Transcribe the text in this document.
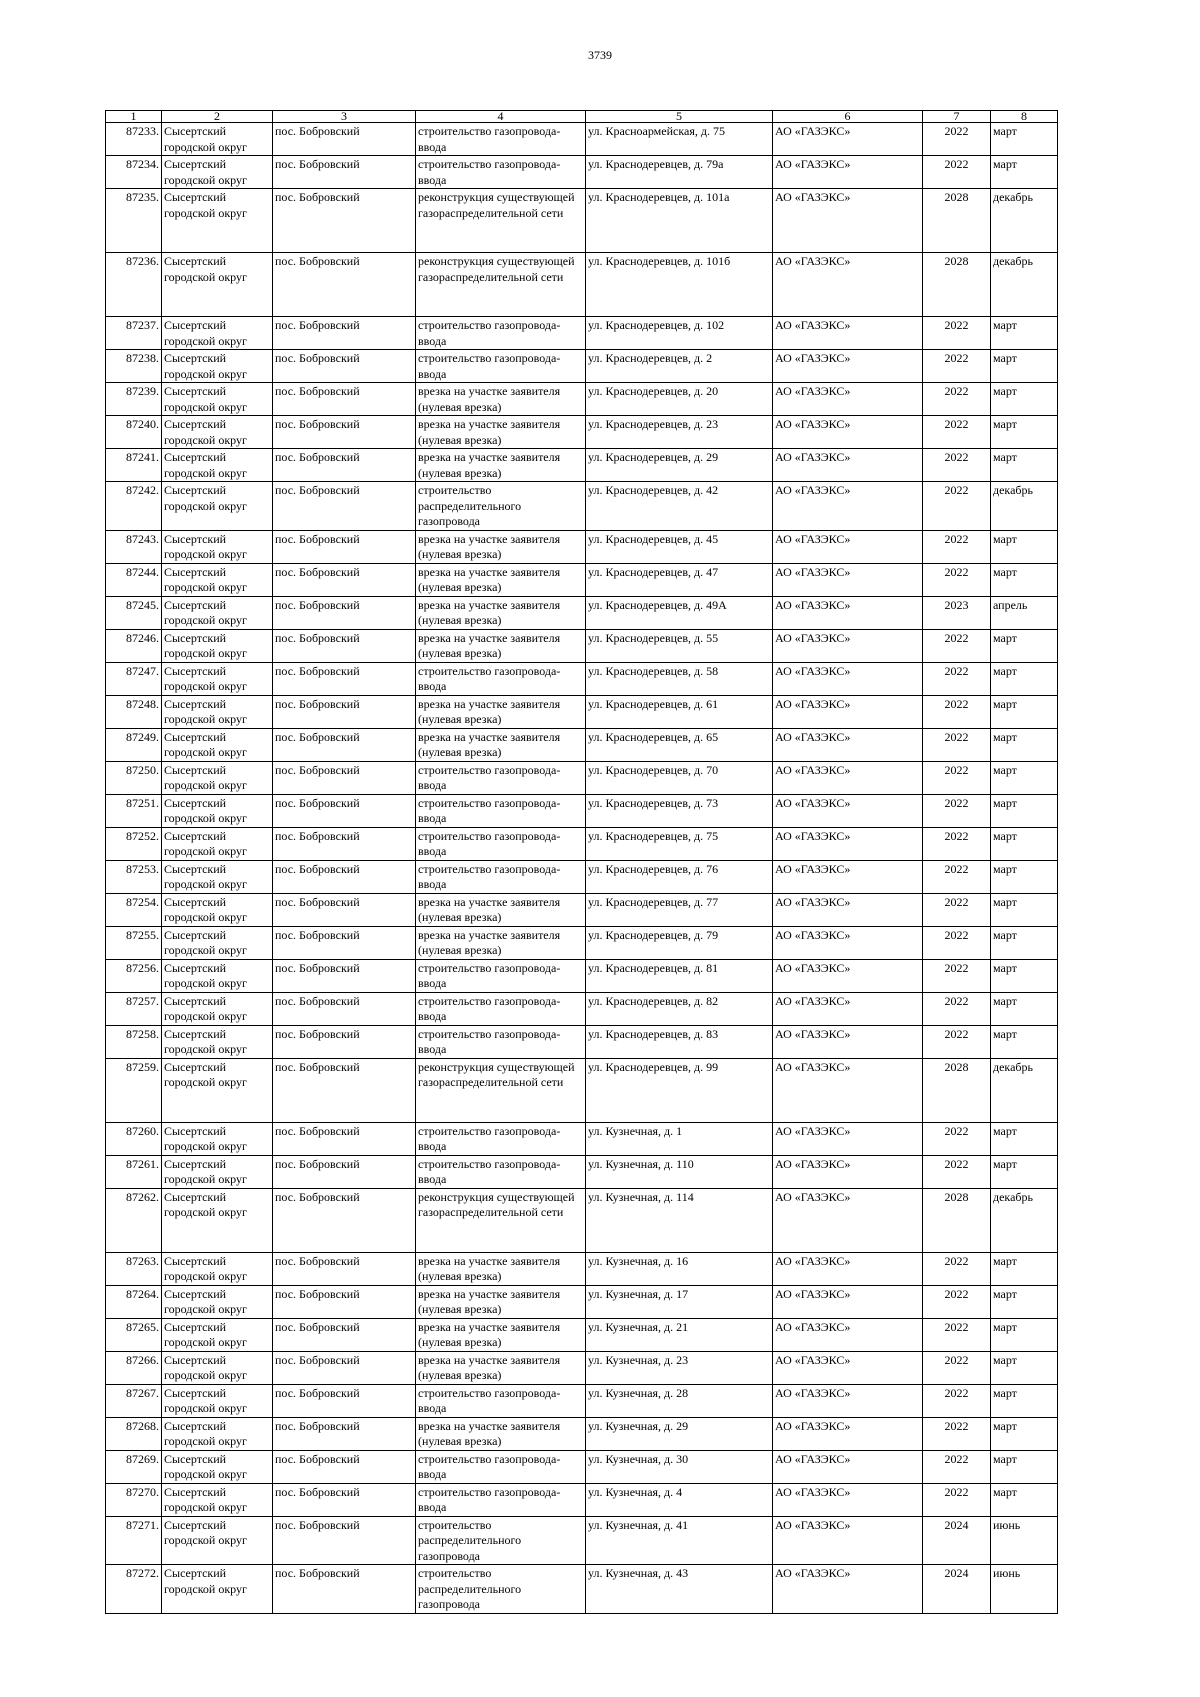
3739
1	2	3	4	5	6	7	8
87233.	Сысертский городской округ	пос. Бобровский	строительство газопровода-ввода	ул. Красноармейская, д. 75	АО «ГАЗЭКС»	2022	март
87234.	Сысертский городской округ	пос. Бобровский	строительство газопровода-ввода	ул. Краснодеревцев, д. 79а	АО «ГАЗЭКС»	2022	март
87235.	Сысертский городской округ	пос. Бобровский	реконструкция существующей газораспределительной сети	ул. Краснодеревцев, д. 101а	АО «ГАЗЭКС»	2028	декабрь
87236.	Сысертский городской округ	пос. Бобровский	реконструкция существующей газораспределительной сети	ул. Краснодеревцев, д. 101б	АО «ГАЗЭКС»	2028	декабрь
87237.	Сысертский городской округ	пос. Бобровский	строительство газопровода-ввода	ул. Краснодеревцев, д. 102	АО «ГАЗЭКС»	2022	март
87238.	Сысертский городской округ	пос. Бобровский	строительство газопровода-ввода	ул. Краснодеревцев, д. 2	АО «ГАЗЭКС»	2022	март
87239.	Сысертский городской округ	пос. Бобровский	врезка на участке заявителя (нулевая врезка)	ул. Краснодеревцев, д. 20	АО «ГАЗЭКС»	2022	март
87240.	Сысертский городской округ	пос. Бобровский	врезка на участке заявителя (нулевая врезка)	ул. Краснодеревцев, д. 23	АО «ГАЗЭКС»	2022	март
87241.	Сысертский городской округ	пос. Бобровский	врезка на участке заявителя (нулевая врезка)	ул. Краснодеревцев, д. 29	АО «ГАЗЭКС»	2022	март
87242.	Сысертский городской округ	пос. Бобровский	строительство распределительного газопровода	ул. Краснодеревцев, д. 42	АО «ГАЗЭКС»	2022	декабрь
87243.	Сысертский городской округ	пос. Бобровский	врезка на участке заявителя (нулевая врезка)	ул. Краснодеревцев, д. 45	АО «ГАЗЭКС»	2022	март
87244.	Сысертский городской округ	пос. Бобровский	врезка на участке заявителя (нулевая врезка)	ул. Краснодеревцев, д. 47	АО «ГАЗЭКС»	2022	март
87245.	Сысертский городской округ	пос. Бобровский	врезка на участке заявителя (нулевая врезка)	ул. Краснодеревцев, д. 49А	АО «ГАЗЭКС»	2023	апрель
87246.	Сысертский городской округ	пос. Бобровский	врезка на участке заявителя (нулевая врезка)	ул. Краснодеревцев, д. 55	АО «ГАЗЭКС»	2022	март
87247.	Сысертский городской округ	пос. Бобровский	строительство газопровода-ввода	ул. Краснодеревцев, д. 58	АО «ГАЗЭКС»	2022	март
87248.	Сысертский городской округ	пос. Бобровский	врезка на участке заявителя (нулевая врезка)	ул. Краснодеревцев, д. 61	АО «ГАЗЭКС»	2022	март
87249.	Сысертский городской округ	пос. Бобровский	врезка на участке заявителя (нулевая врезка)	ул. Краснодеревцев, д. 65	АО «ГАЗЭКС»	2022	март
87250.	Сысертский городской округ	пос. Бобровский	строительство газопровода-ввода	ул. Краснодеревцев, д. 70	АО «ГАЗЭКС»	2022	март
87251.	Сысертский городской округ	пос. Бобровский	строительство газопровода-ввода	ул. Краснодеревцев, д. 73	АО «ГАЗЭКС»	2022	март
87252.	Сысертский городской округ	пос. Бобровский	строительство газопровода-ввода	ул. Краснодеревцев, д. 75	АО «ГАЗЭКС»	2022	март
87253.	Сысертский городской округ	пос. Бобровский	строительство газопровода-ввода	ул. Краснодеревцев, д. 76	АО «ГАЗЭКС»	2022	март
87254.	Сысертский городской округ	пос. Бобровский	врезка на участке заявителя (нулевая врезка)	ул. Краснодеревцев, д. 77	АО «ГАЗЭКС»	2022	март
87255.	Сысертский городской округ	пос. Бобровский	врезка на участке заявителя (нулевая врезка)	ул. Краснодеревцев, д. 79	АО «ГАЗЭКС»	2022	март
87256.	Сысертский городской округ	пос. Бобровский	строительство газопровода-ввода	ул. Краснодеревцев, д. 81	АО «ГАЗЭКС»	2022	март
87257.	Сысертский городской округ	пос. Бобровский	строительство газопровода-ввода	ул. Краснодеревцев, д. 82	АО «ГАЗЭКС»	2022	март
87258.	Сысертский городской округ	пос. Бобровский	строительство газопровода-ввода	ул. Краснодеревцев, д. 83	АО «ГАЗЭКС»	2022	март
87259.	Сысертский городской округ	пос. Бобровский	реконструкция существующей газораспределительной сети	ул. Краснодеревцев, д. 99	АО «ГАЗЭКС»	2028	декабрь
87260.	Сысертский городской округ	пос. Бобровский	строительство газопровода-ввода	ул. Кузнечная, д. 1	АО «ГАЗЭКС»	2022	март
87261.	Сысертский городской округ	пос. Бобровский	строительство газопровода-ввода	ул. Кузнечная, д. 110	АО «ГАЗЭКС»	2022	март
87262.	Сысертский городской округ	пос. Бобровский	реконструкция существующей газораспределительной сети	ул. Кузнечная, д. 114	АО «ГАЗЭКС»	2028	декабрь
87263.	Сысертский городской округ	пос. Бобровский	врезка на участке заявителя (нулевая врезка)	ул. Кузнечная, д. 16	АО «ГАЗЭКС»	2022	март
87264.	Сысертский городской округ	пос. Бобровский	врезка на участке заявителя (нулевая врезка)	ул. Кузнечная, д. 17	АО «ГАЗЭКС»	2022	март
87265.	Сысертский городской округ	пос. Бобровский	врезка на участке заявителя (нулевая врезка)	ул. Кузнечная, д. 21	АО «ГАЗЭКС»	2022	март
87266.	Сысертский городской округ	пос. Бобровский	врезка на участке заявителя (нулевая врезка)	ул. Кузнечная, д. 23	АО «ГАЗЭКС»	2022	март
87267.	Сысертский городской округ	пос. Бобровский	строительство газопровода-ввода	ул. Кузнечная, д. 28	АО «ГАЗЭКС»	2022	март
87268.	Сысертский городской округ	пос. Бобровский	врезка на участке заявителя (нулевая врезка)	ул. Кузнечная, д. 29	АО «ГАЗЭКС»	2022	март
87269.	Сысертский городской округ	пос. Бобровский	строительство газопровода-ввода	ул. Кузнечная, д. 30	АО «ГАЗЭКС»	2022	март
87270.	Сысертский городской округ	пос. Бобровский	строительство газопровода-ввода	ул. Кузнечная, д. 4	АО «ГАЗЭКС»	2022	март
87271.	Сысертский городской округ	пос. Бобровский	строительство распределительного газопровода	ул. Кузнечная, д. 41	АО «ГАЗЭКС»	2024	июнь
87272.	Сысертский городской округ	пос. Бобровский	строительство распределительного газопровода	ул. Кузнечная, д. 43	АО «ГАЗЭКС»	2024	июнь
